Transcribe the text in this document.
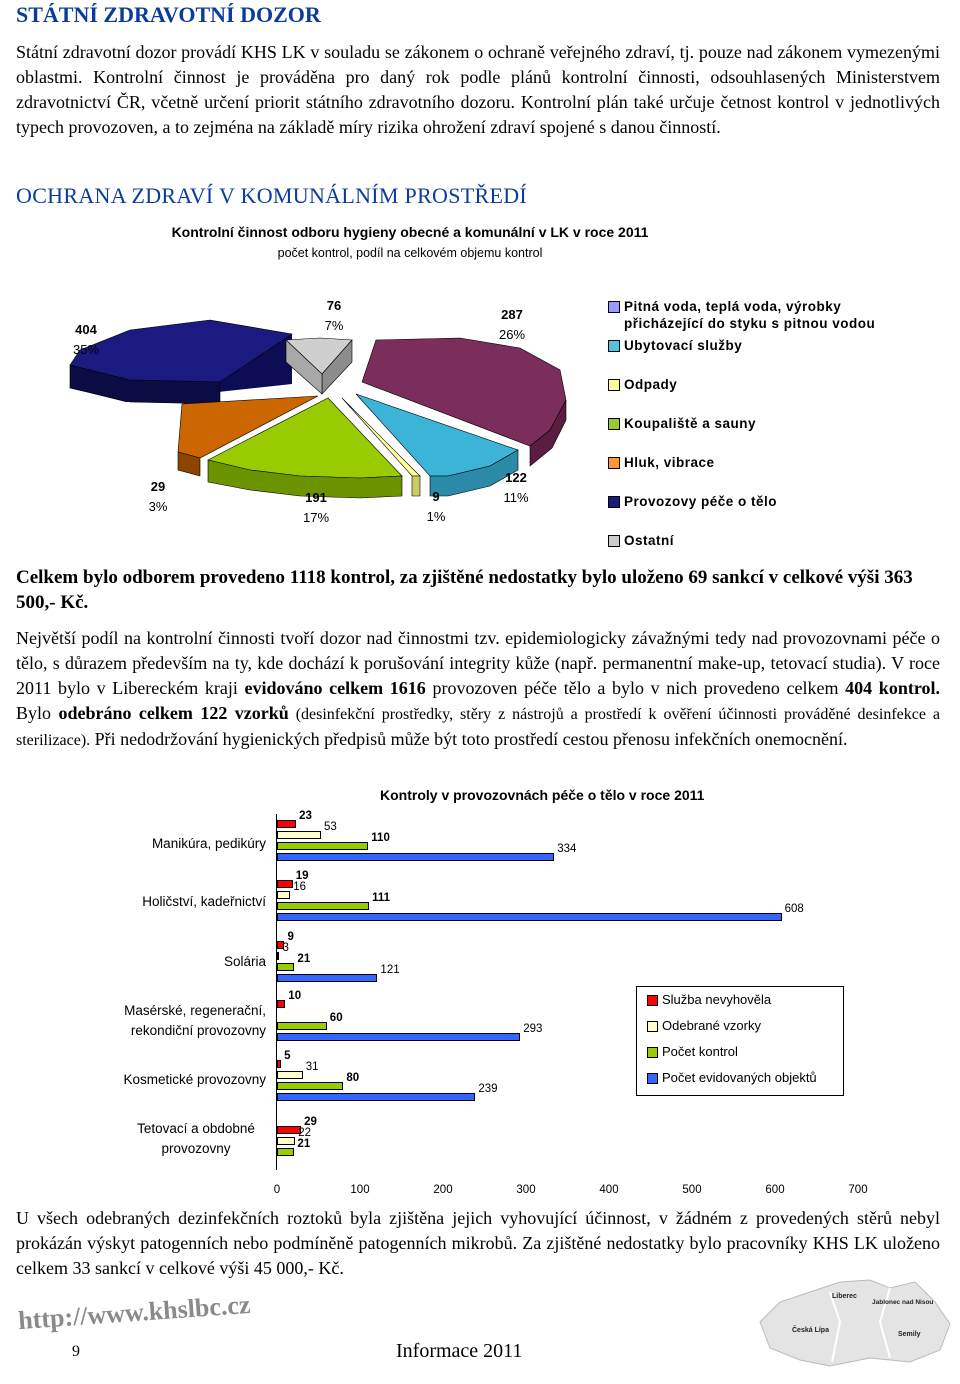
STÁTNÍ ZDRAVOTNÍ DOZOR
Státní zdravotní dozor provádí KHS LK v souladu se zákonem o ochraně veřejného zdraví, tj. pouze nad zákonem vymezenými oblastmi. Kontrolní činnost je prováděna pro daný rok podle plánů kontrolní činnosti, odsouhlasených Ministerstvem zdravotnictví ČR, včetně určení priorit státního zdravotního dozoru. Kontrolní plán také určuje četnost kontrol v jednotlivých typech provozoven, a to zejména na základě míry rizika ohrožení zdraví spojené s danou činností.
OCHRANA ZDRAVÍ V KOMUNÁLNÍM PROSTŘEDÍ
Kontrolní činnost odboru hygieny obecné a komunální v LK v roce 2011
počet kontrol, podíl na celkovém objemu kontrol
404
35%
76
7%
287
26%
122
11%
9
1%
191
17%
29
3%
Pitná voda, teplá voda, výrobky přicházející do styku s pitnou vodou
Ubytovací služby
Odpady
Koupaliště a sauny
Hluk, vibrace
Provozovy péče o tělo
Ostatní
Celkem bylo odborem provedeno 1118 kontrol, za zjištěné nedostatky bylo uloženo 69 sankcí v celkové výši 363 500,- Kč.
Největší podíl na kontrolní činnosti tvoří dozor nad činnostmi tzv. epidemiologicky závažnými tedy nad provozovnami péče o tělo, s důrazem především na ty, kde dochází k porušování integrity kůže (např. permanentní make-up, tetovací studia). V roce 2011 bylo v Libereckém kraji evidováno celkem 1616 provozoven péče tělo a bylo v nich provedeno celkem 404 kontrol. Bylo odebráno celkem 122 vzorků (desinfekční prostředky, stěry z nástrojů a prostředí k ověření účinnosti prováděné desinfekce a sterilizace). Při nedodržování hygienických předpisů může být toto prostředí cestou přenosu infekčních onemocnění.
Kontroly v provozovnách péče o tělo v roce 2011
Manikúra, pedikúry
Holičství, kadeřnictví
Solária
Masérské, regenerační, rekondiční provozovny
Kosmetické provozovny
Tetovací a obdobné provozovny
23
19
9
10
5
29
53
16
3
31
22
110
111
21
60
80
21
334
608
121
293
239
0	100	200	300	400	500	600	700
Služba nevyhověla
Odebrané vzorky
Počet kontrol
Počet evidovaných objektů
U všech odebraných dezinfekčních roztoků byla zjištěna jejich vyhovující účinnost, v žádném z provedených stěrů nebyl prokázán výskyt patogenních nebo podmíněně patogenních mikrobů. Za zjištěné nedostatky bylo pracovníky KHS LK uloženo celkem 33 sankcí v celkové výši 45 000,- Kč.
Česká Lípa
Liberec
Jablonec nad Nisou
Semily
http://www.khslbc.cz
9	Informace 2011
